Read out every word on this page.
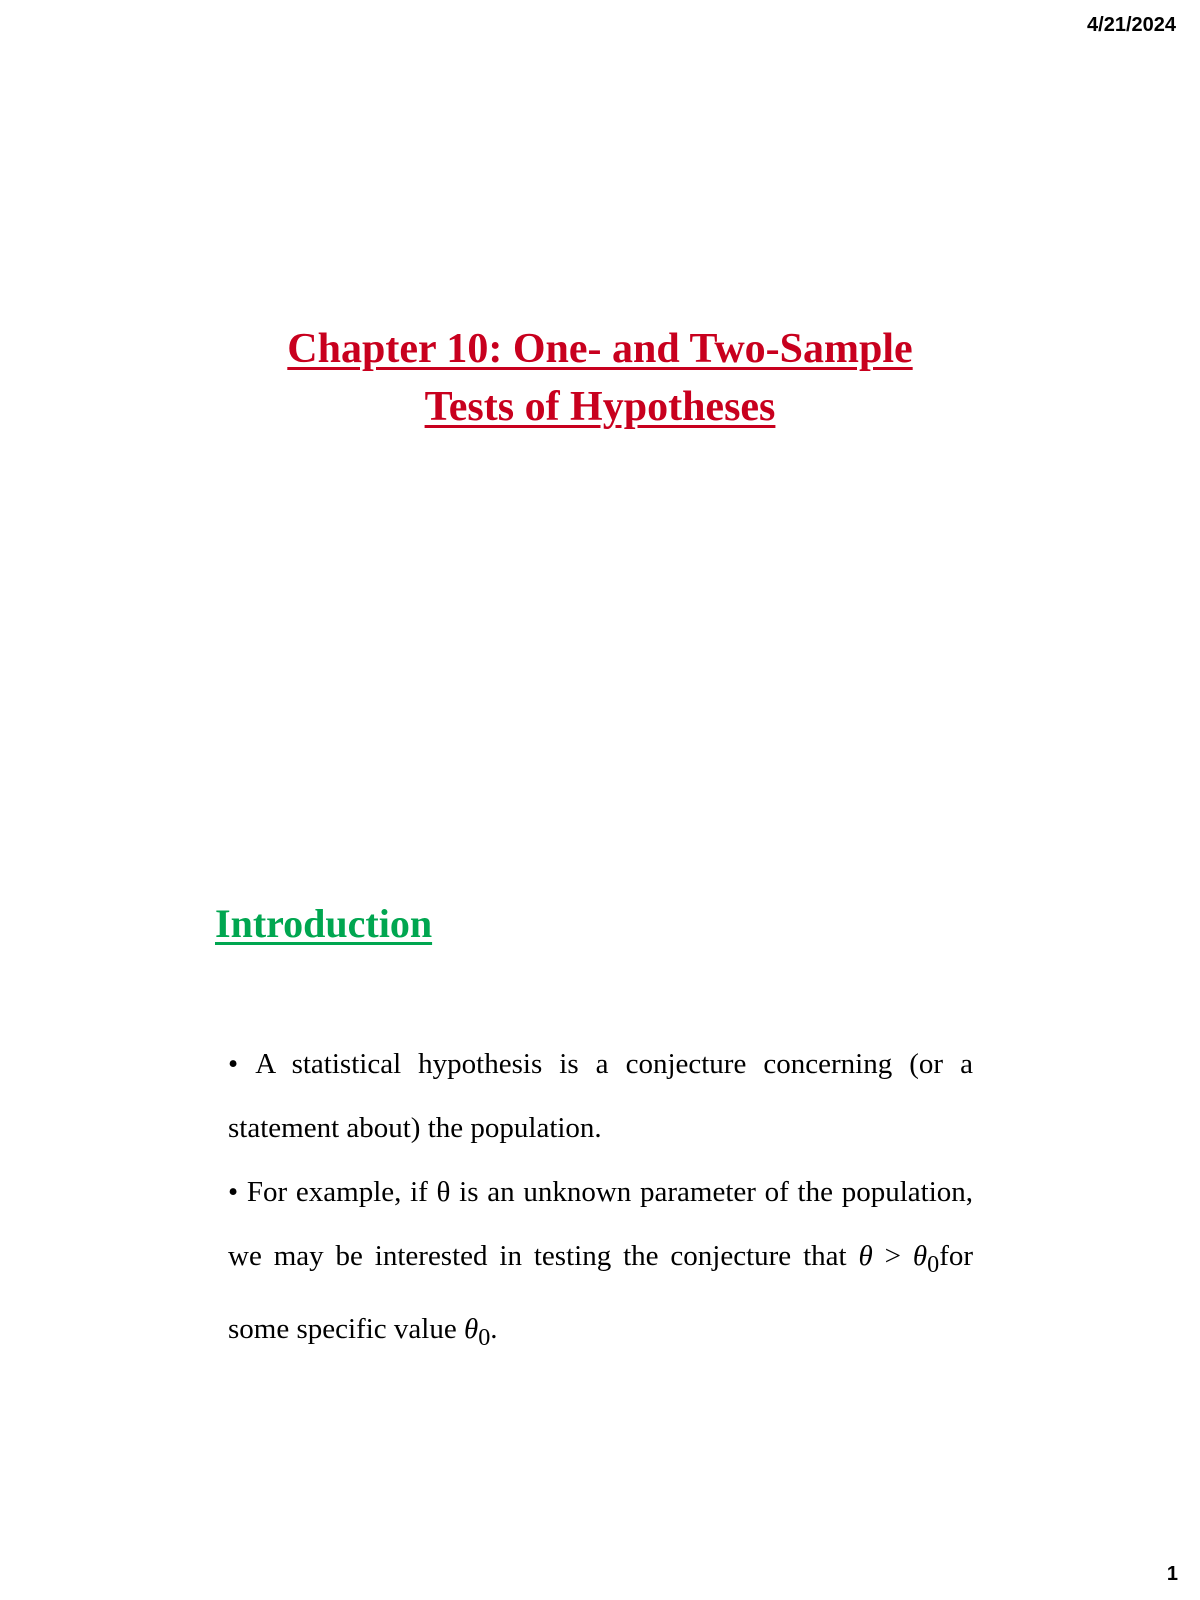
4/21/2024
Chapter 10: One- and Two-Sample
Tests of Hypotheses
Introduction
• A statistical hypothesis is a conjecture concerning (or a statement about) the population.
• For example, if θ is an unknown parameter of the population, we may be interested in testing the conjecture that $\theta > \theta_0for$ some specific value $\theta_0$.
1
